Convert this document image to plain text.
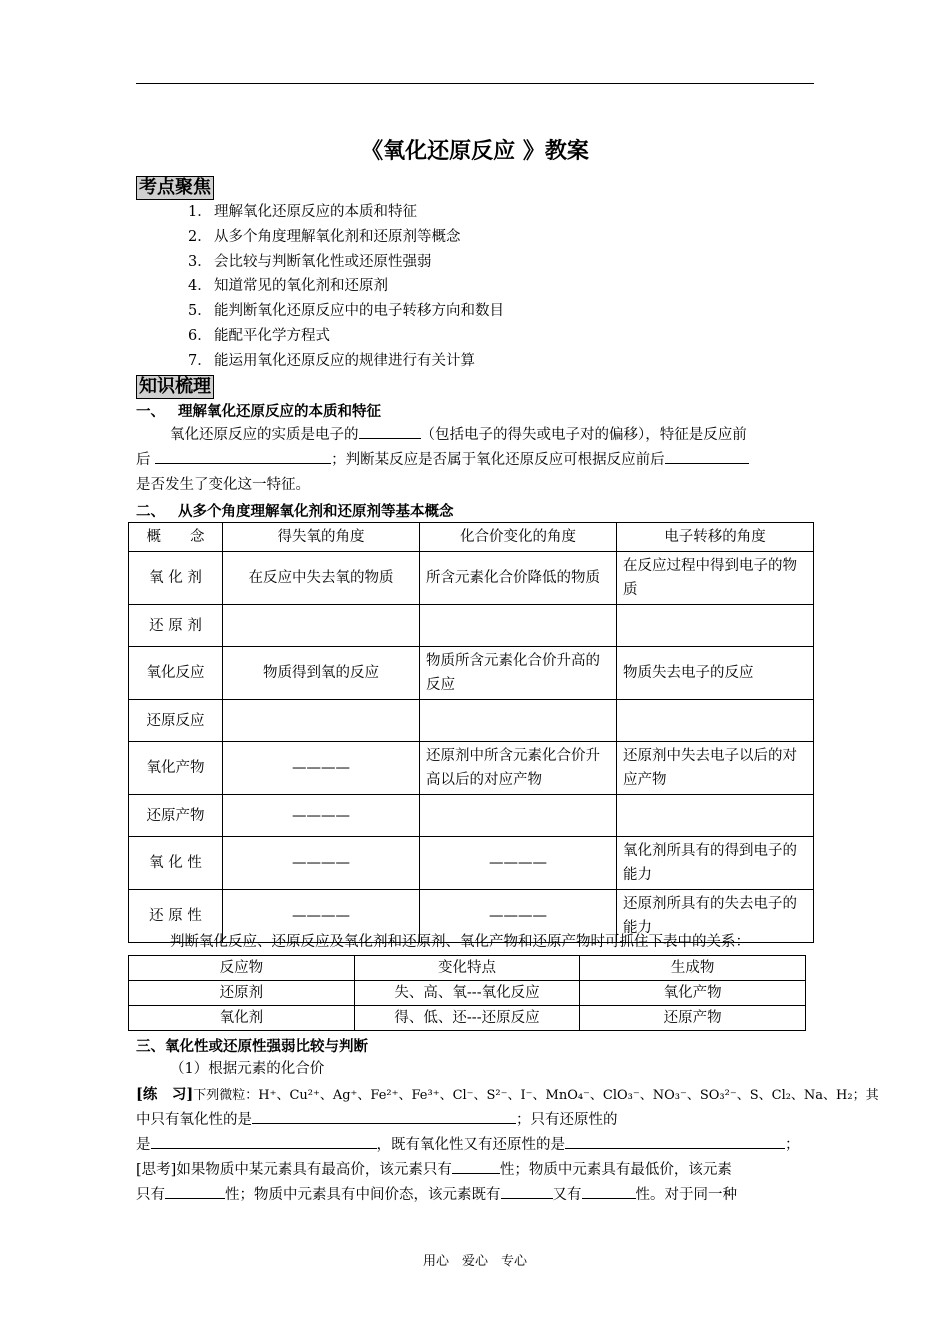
《氧化还原反应 》教案
考点聚焦
1． 理解氧化还原反应的本质和特征
2． 从多个角度理解氧化剂和还原剂等概念
3． 会比较与判断氧化性或还原性强弱
4． 知道常见的氧化剂和还原剂
5． 能判断氧化还原反应中的电子转移方向和数目
6． 能配平化学方程式
7． 能运用氧化还原反应的规律进行有关计算
知识梳理
一、 理解氧化还原反应的本质和特征
氧化还原反应的实质是电子的	（包括电子的得失或电子对的偏移），特征是反应前
后	；判断某反应是否属于氧化还原反应可根据反应前后
是否发生了变化这一特征。
二、 从多个角度理解氧化剂和还原剂等基本概念
概　　念	得失氧的角度	化合价变化的角度	电子转移的角度
氧 化 剂	在反应中失去氧的物质	所含元素化合价降低的物质	在反应过程中得到电子的物质
还 原 剂			
氧化反应	物质得到氧的反应	物质所含元素化合价升高的反应	物质失去电子的反应
还原反应			
氧化产物	————	还原剂中所含元素化合价升高以后的对应产物	还原剂中失去电子以后的对应产物
还原产物	————		
氧 化 性	————	————	氧化剂所具有的得到电子的能力
还 原 性	————	————	还原剂所具有的失去电子的能力
判断氧化反应、还原反应及氧化剂和还原剂、氧化产物和还原产物时可抓住下表中的关系：
反应物	变化特点	生成物
还原剂	失、高、氧---氧化反应	氧化产物
氧化剂	得、低、还---还原反应	还原产物
三、氧化性或还原性强弱比较与判断
（1）根据元素的化合价
[练　习]下列微粒：H⁺、Cu²⁺、Ag⁺、Fe²⁺、Fe³⁺、Cl⁻、S²⁻、I⁻、MnO₄⁻、ClO₃⁻、NO₃⁻、SO₃²⁻、S、Cl₂、Na、H₂；其
中只有氧化性的是	；只有还原性的
是	，既有氧化性又有还原性的是	；
[思考]如果物质中某元素具有最高价，该元素只有	性；物质中元素具有最低价，该元素
只有	性；物质中元素具有中间价态，该元素既有	又有	性。对于同一种
用心　爱心　专心
